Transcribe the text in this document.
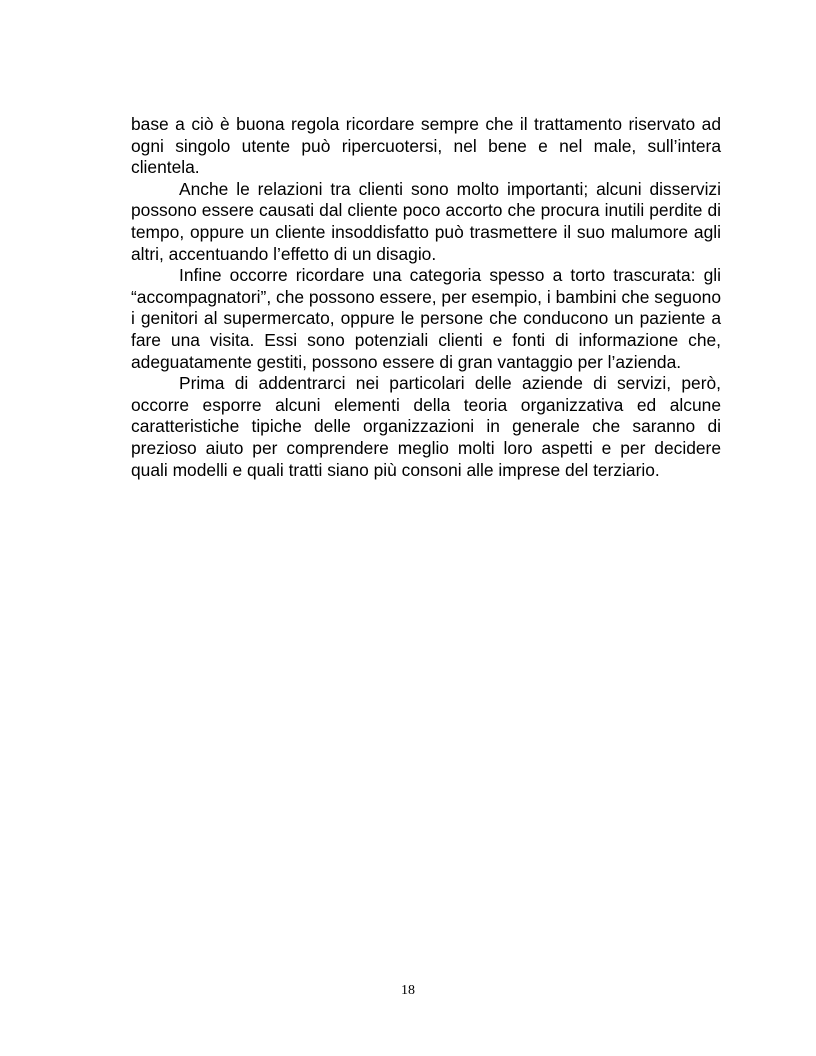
base a ciò è buona regola ricordare sempre che il trattamento riservato ad ogni singolo utente può ripercuotersi, nel bene e nel male, sull’intera clientela.

Anche le relazioni tra clienti sono molto importanti; alcuni disservizi possono essere causati dal cliente poco accorto che procura inutili perdite di tempo, oppure un cliente insoddisfatto può trasmettere il suo malumore agli altri, accentuando l’effetto di un disagio.

Infine occorre ricordare una categoria spesso a torto trascurata: gli “accompagnatori”, che possono essere, per esempio, i bambini che seguono i genitori al supermercato, oppure le persone che conducono un paziente a fare una visita. Essi sono potenziali clienti e fonti di informazione che, adeguatamente gestiti, possono essere di gran vantaggio per l’azienda.

Prima di addentrarci nei particolari delle aziende di servizi, però, occorre esporre alcuni elementi della teoria organizzativa ed alcune caratteristiche tipiche delle organizzazioni in generale che saranno di prezioso aiuto per comprendere meglio molti loro aspetti e per decidere quali modelli e quali tratti siano più consoni alle imprese del terziario.

18
